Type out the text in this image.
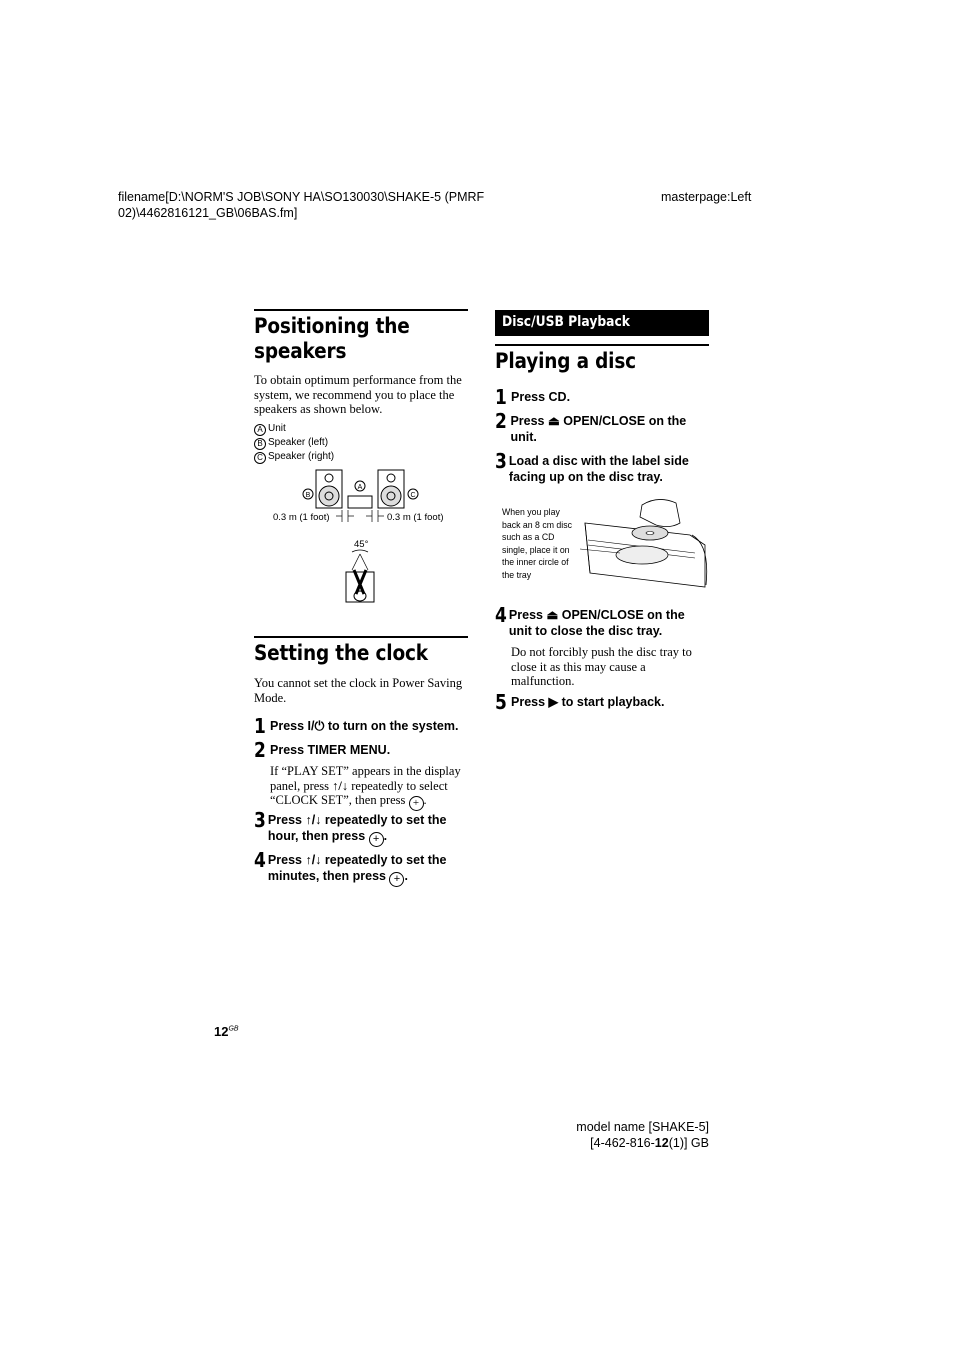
filename[D:\NORM'S JOB\SONY HA\SO130030\SHAKE-5 (PMRF
02)\4462816121_GB\06BAS.fm]
masterpage:Left
Positioning the
speakers
To obtain optimum performance from the system, we recommend you to place the speakers as shown below.
A Unit
B Speaker (left)
C Speaker (right)
B
A
C
0.3 m (1 foot)	0.3 m (1 foot)
45°
Setting the clock
You cannot set the clock in Power Saving Mode.
1 Press I/⏻ to turn on the system.
2 Press TIMER MENU.
If “PLAY SET” appears in the display panel, press ↑/↓ repeatedly to select “CLOCK SET”, then press + .
3 Press ↑/↓ repeatedly to set the hour, then press + .
4 Press ↑/↓ repeatedly to set the minutes, then press + .
Disc/USB Playback
Playing a disc
1 Press CD.
2 Press ⏏ OPEN/CLOSE on the unit.
3 Load a disc with the label side facing up on the disc tray.
When you play back an 8 cm disc such as a CD single, place it on the inner circle of the tray
4 Press ⏏ OPEN/CLOSE on the unit to close the disc tray.
Do not forcibly push the disc tray to close it as this may cause a malfunction.
5 Press ▶ to start playback.
$12^{GB}$
model name [SHAKE-5]
[4-462-816-12(1)] GB
